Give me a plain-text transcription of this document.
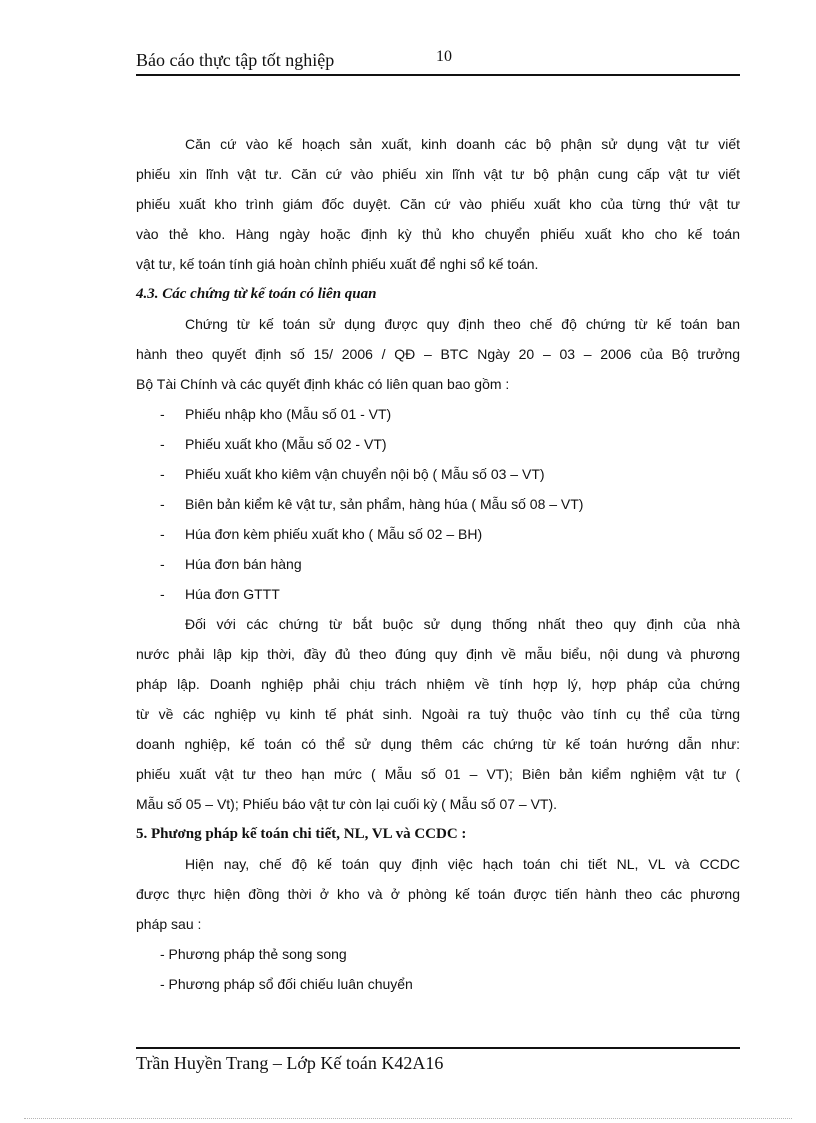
Báo cáo thực tập tốt nghiệp	10

Căn cứ vào kế hoạch sản xuất, kinh doanh các bộ phận sử dụng vật tư viết

phiếu xin lĩnh vật tư. Căn cứ vào phiếu xin lĩnh vật tư bộ phận cung cấp vật tư viết

phiếu xuất kho trình giám đốc duyệt. Căn cứ vào phiếu xuất kho của từng thứ vật tư

vào thẻ kho. Hàng ngày hoặc định kỳ thủ kho chuyển phiếu xuất kho cho kế toán

vật tư, kế toán tính giá hoàn chỉnh phiếu xuất để nghi sổ kế toán.

4.3. Các chứng từ kế toán có liên quan

Chứng từ kế toán sử dụng được quy định theo chế độ chứng từ kế toán ban

hành theo quyết định số 15/ 2006 / QĐ – BTC Ngày 20 – 03 – 2006 của Bộ trưởng

Bộ Tài Chính và các quyết định khác có liên quan bao gồm :

- Phiếu nhập kho (Mẫu số 01 - VT)

- Phiếu xuất kho (Mẫu số 02 - VT)

- Phiếu xuất kho kiêm vận chuyển nội bộ ( Mẫu số 03 – VT)

- Biên bản kiểm kê vật tư, sản phẩm, hàng húa ( Mẫu số 08 – VT)

- Húa đơn kèm phiếu xuất kho ( Mẫu số 02 – BH)

- Húa đơn bán hàng

- Húa đơn GTTT

Đối với các chứng từ bắt buộc sử dụng thống nhất theo quy định của nhà

nước phải lập kịp thời, đầy đủ theo đúng quy định về mẫu biểu, nội dung và phương

pháp lập. Doanh nghiệp phải chịu trách nhiệm về tính hợp lý, hợp pháp của chứng

từ về các nghiệp vụ kinh tế phát sinh. Ngoài ra tuỳ thuộc vào tính cụ thể của từng

doanh nghiệp, kế toán có thể sử dụng thêm các chứng từ kế toán hướng dẫn như:

phiếu xuất vật tư theo hạn mức ( Mẫu số 01 – VT); Biên bản kiểm nghiệm vật tư (

Mẫu số 05 – Vt); Phiếu báo vật tư còn lại cuối kỳ ( Mẫu số 07 – VT).

5. Phương pháp kế toán chi tiết, NL, VL và CCDC :

Hiện nay, chế độ kế toán quy định việc hạch toán chi tiết NL, VL và CCDC

được thực hiện đồng thời ở kho và ở phòng kế toán được tiến hành theo các phương

pháp sau :

- Phương pháp thẻ song song

- Phương pháp sổ đối chiếu luân chuyển

Trần Huyền Trang – Lớp Kế toán K42A16
